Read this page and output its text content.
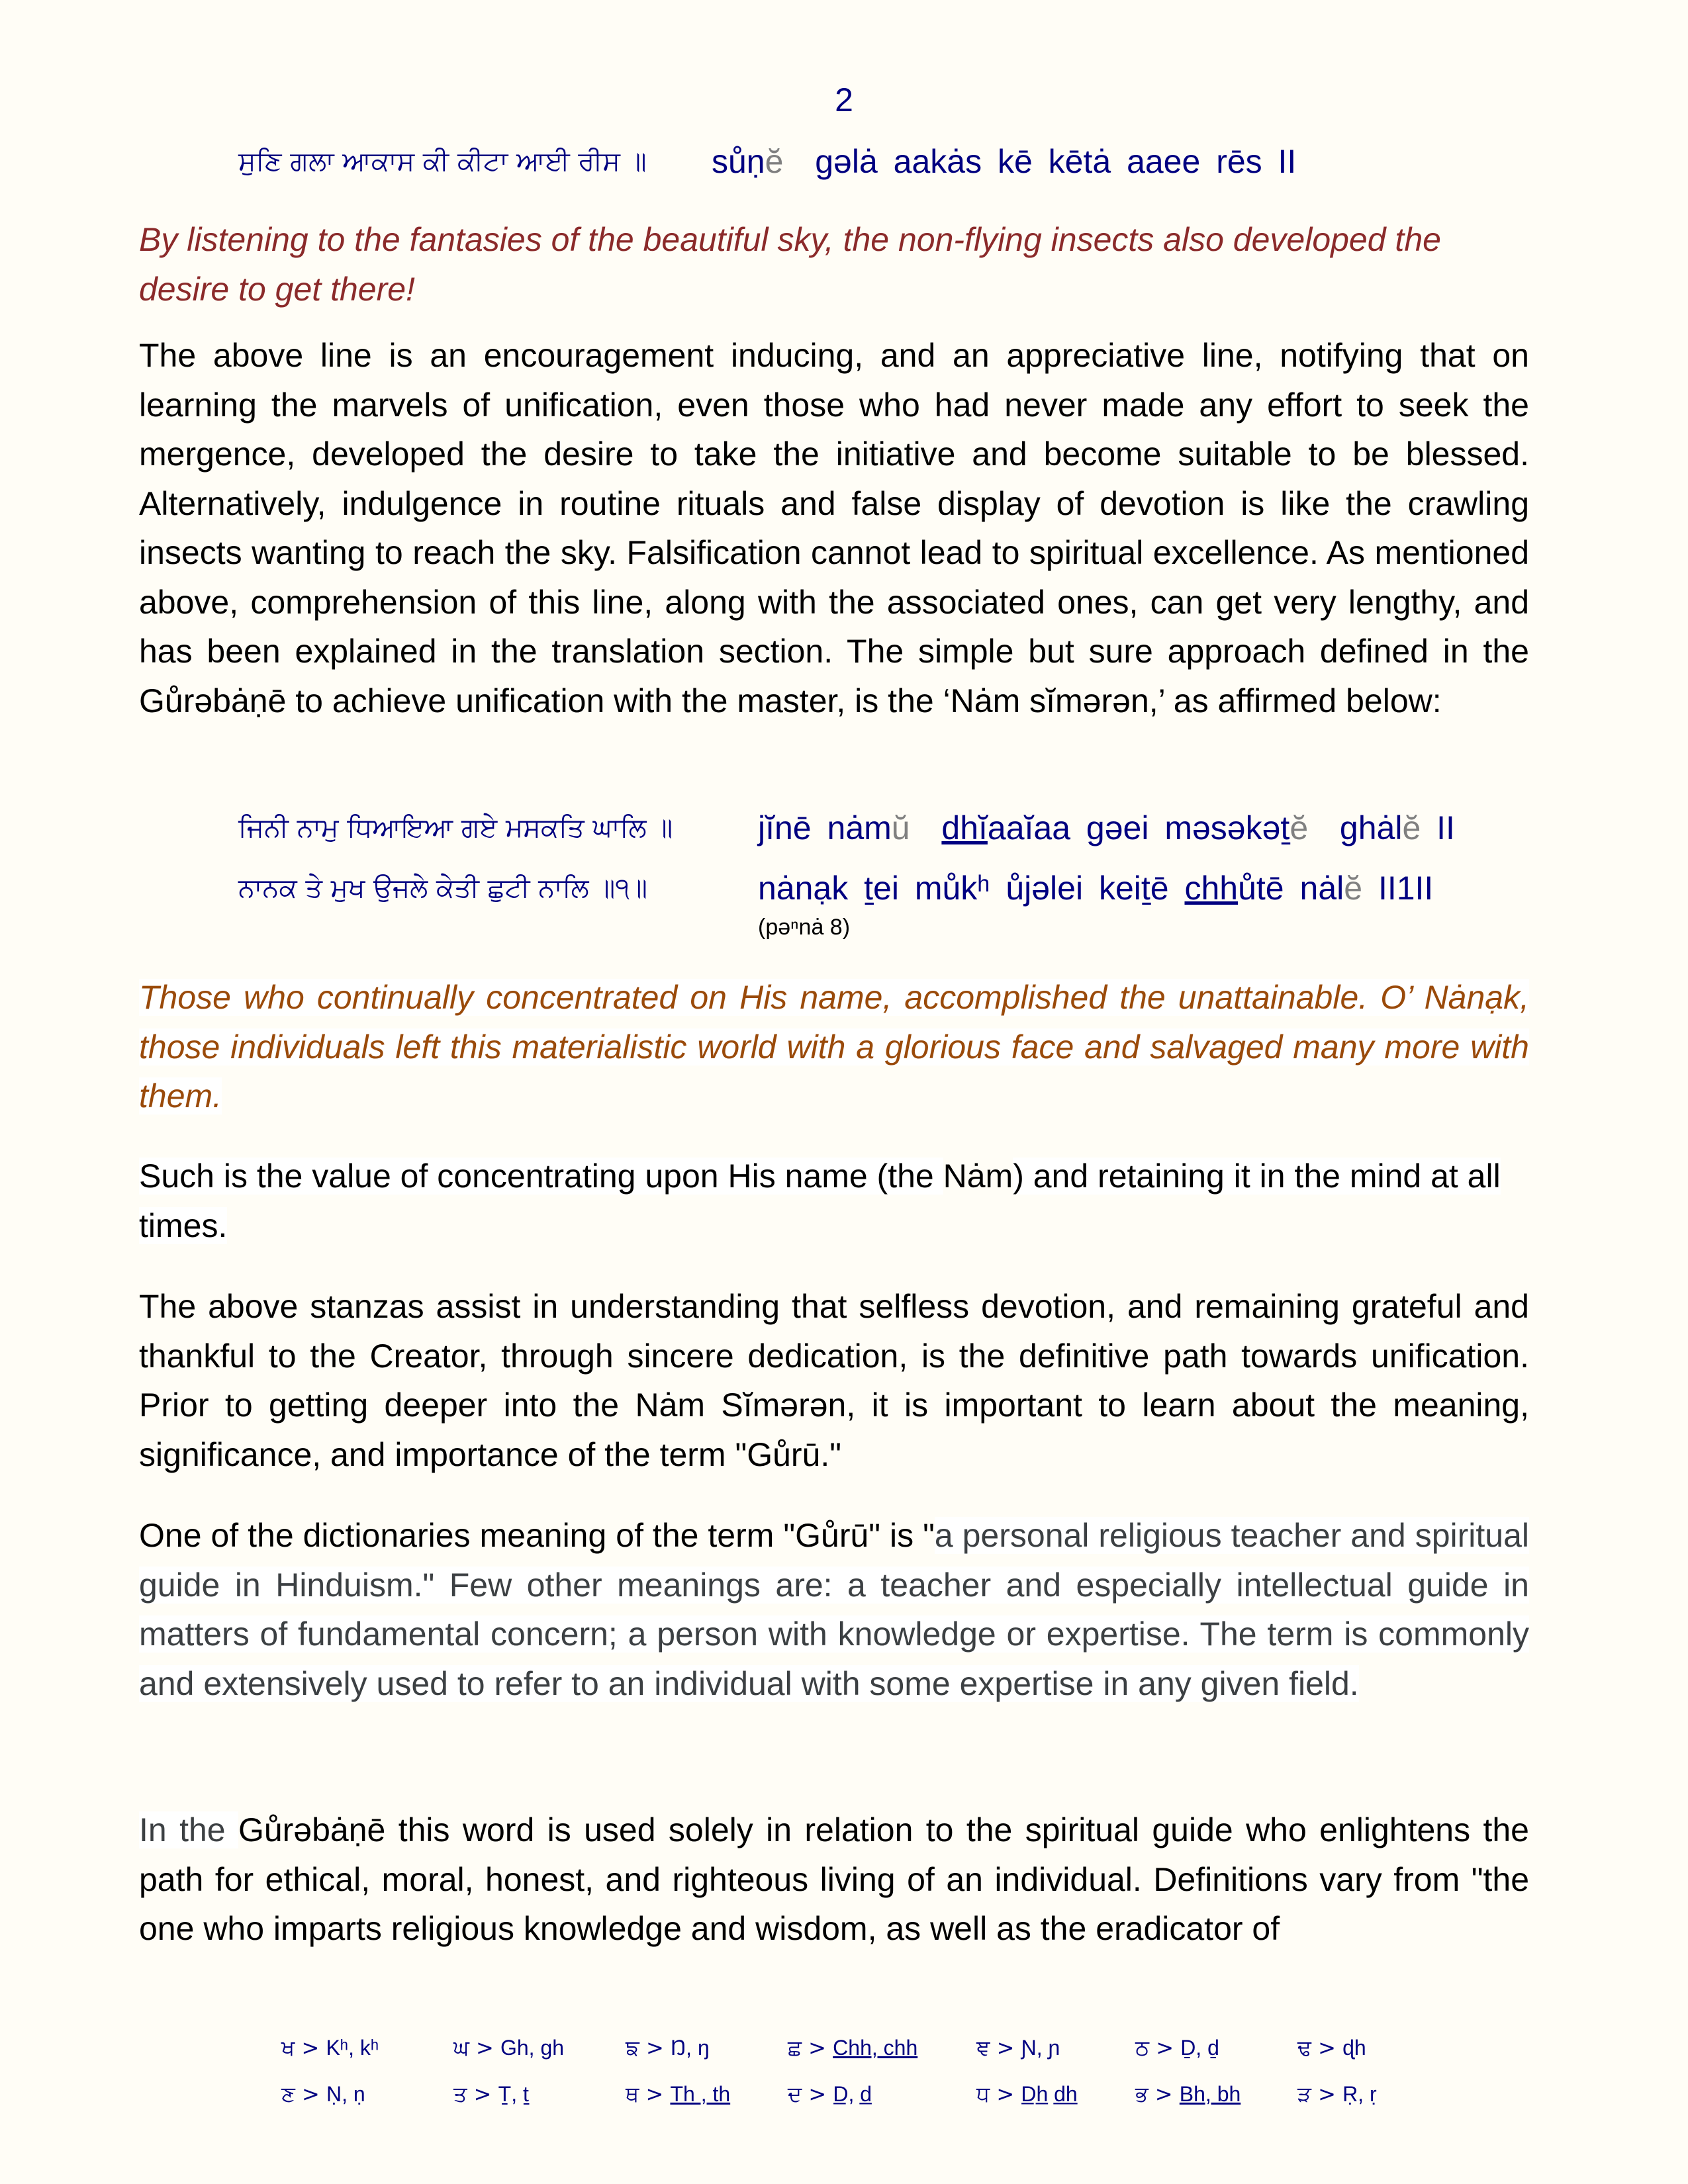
2
ਸੁਣਿ ਗਲਾ ਆਕਾਸ ਕੀ ਕੀਟਾ ਆਈ ਰੀਸ ॥ sůṇĕ gəlȧ aakȧs kē kētȧ aaee rēs II

By listening to the fantasies of the beautiful sky, the non-flying insects also developed the desire to get there!

The above line is an encouragement inducing, and an appreciative line, notifying that on learning the marvels of unification, even those who had never made any effort to seek the mergence, developed the desire to take the initiative and become suitable to be blessed. Alternatively, indulgence in routine rituals and false display of devotion is like the crawling insects wanting to reach the sky. Falsification cannot lead to spiritual excellence. As mentioned above, comprehension of this line, along with the associated ones, can get very lengthy, and has been explained in the translation section. The simple but sure approach defined in the Gůrəbȧṇē to achieve unification with the master, is the ‘Nȧm sĭmərən,’ as affirmed below:

ਜਿਨੀ ਨਾਮੁ ਧਿਆਇਆ ਗਏ ਮਸਕਤਿ ਘਾਲਿ ॥	jĭnē nȧmŭ dhĭaaĭaa gəei məsəkəṯĕ ghȧlĕ II
ਨਾਨਕ ਤੇ ਮੁਖ ਉਜਲੇ ਕੇਤੀ ਛੁਟੀ ਨਾਲਿ ॥੧॥	nȧnạk ṯei můkʰ ůjəlei keiṯē chhůtē nȧlĕ II1II
(pəⁿnȧ 8)

Those who continually concentrated on His name, accomplished the unattainable. O’ Nȧnạk, those individuals left this materialistic world with a glorious face and salvaged many more with them.

Such is the value of concentrating upon His name (the Nȧm) and retaining it in the mind at all times.

The above stanzas assist in understanding that selfless devotion, and remaining grateful and thankful to the Creator, through sincere dedication, is the definitive path towards unification. Prior to getting deeper into the Nȧm Sĭmərən, it is important to learn about the meaning, significance, and importance of the term "Gůrū."

One of the dictionaries meaning of the term "Gůrū" is "a personal religious teacher and spiritual guide in Hinduism." Few other meanings are: a teacher and especially intellectual guide in matters of fundamental concern; a person with knowledge or expertise. The term is commonly and extensively used to refer to an individual with some expertise in any given field.

In the Gůrəbȧṇē this word is used solely in relation to the spiritual guide who enlightens the path for ethical, moral, honest, and righteous living of an individual. Definitions vary from "the one who imparts religious knowledge and wisdom, as well as the eradicator of

ਖ > Kʰ, kʰ	ਘ > Gh, gh	ਙ > Ŋ, ŋ	ਛ > Chh, chh	ਞ > Ɲ, ɲ	ਠ > Ḏ, ḏ	ਢ > ɖh
ਣ > Ṇ, ṇ	ਤ > Ṯ, ṯ	ਥ > Th , th	ਦ > D̲, d̲	ਧ > D̲h̲ d̲h̲	ਭ > Bh, bh	ੜ > Ṛ, ṛ
